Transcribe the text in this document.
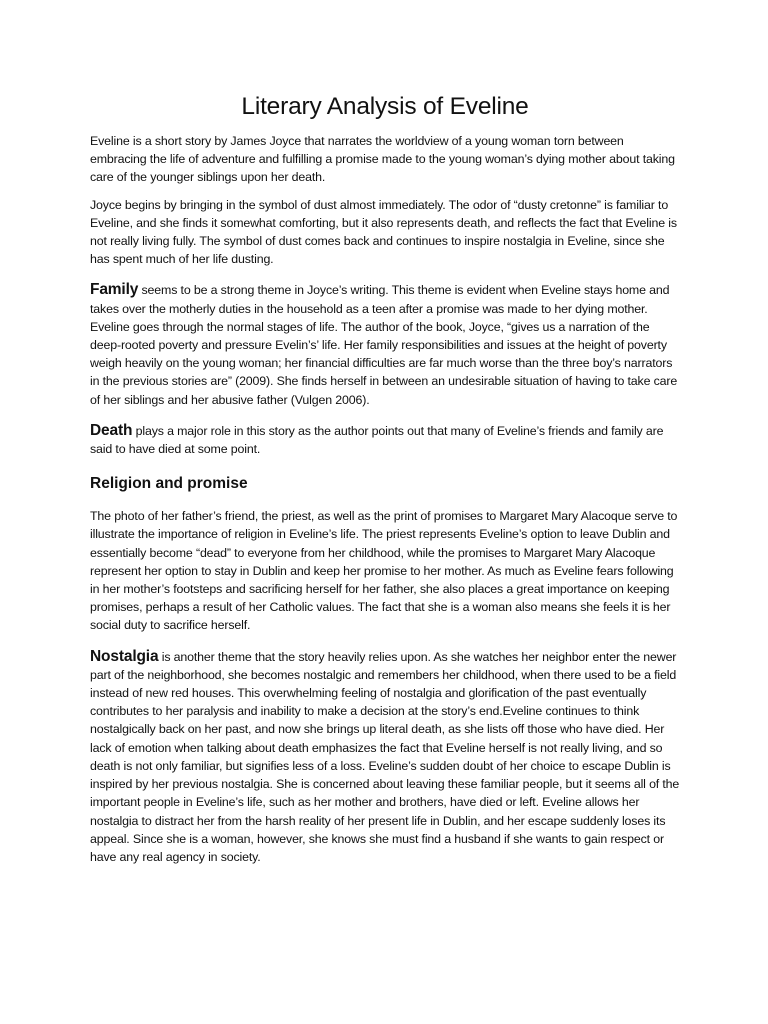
Literary Analysis of Eveline

Eveline is a short story by James Joyce that narrates the worldview of a young woman torn between embracing the life of adventure and fulfilling a promise made to the young woman’s dying mother about taking care of the younger siblings upon her death.

Joyce begins by bringing in the symbol of dust almost immediately. The odor of “dusty cretonne” is familiar to Eveline, and she finds it somewhat comforting, but it also represents death, and reflects the fact that Eveline is not really living fully. The symbol of dust comes back and continues to inspire nostalgia in Eveline, since she has spent much of her life dusting.

Family seems to be a strong theme in Joyce’s writing. This theme is evident when Eveline stays home and takes over the motherly duties in the household as a teen after a promise was made to her dying mother. Eveline goes through the normal stages of life. The author of the book, Joyce, “gives us a narration of the deep-rooted poverty and pressure Evelin’s’ life. Her family responsibilities and issues at the height of poverty weigh heavily on the young woman; her financial difficulties are far much worse than the three boy’s narrators in the previous stories are” (2009). She finds herself in between an undesirable situation of having to take care of her siblings and her abusive father (Vulgen 2006).

Death plays a major role in this story as the author points out that many of Eveline’s friends and family are said to have died at some point.

Religion and promise

The photo of her father’s friend, the priest, as well as the print of promises to Margaret Mary Alacoque serve to illustrate the importance of religion in Eveline’s life. The priest represents Eveline’s option to leave Dublin and essentially become “dead” to everyone from her childhood, while the promises to Margaret Mary Alacoque represent her option to stay in Dublin and keep her promise to her mother. As much as Eveline fears following in her mother’s footsteps and sacrificing herself for her father, she also places a great importance on keeping promises, perhaps a result of her Catholic values. The fact that she is a woman also means she feels it is her social duty to sacrifice herself.

Nostalgia is another theme that the story heavily relies upon. As she watches her neighbor enter the newer part of the neighborhood, she becomes nostalgic and remembers her childhood, when there used to be a field instead of new red houses. This overwhelming feeling of nostalgia and glorification of the past eventually contributes to her paralysis and inability to make a decision at the story’s end.Eveline continues to think nostalgically back on her past, and now she brings up literal death, as she lists off those who have died. Her lack of emotion when talking about death emphasizes the fact that Eveline herself is not really living, and so death is not only familiar, but signifies less of a loss. Eveline’s sudden doubt of her choice to escape Dublin is inspired by her previous nostalgia. She is concerned about leaving these familiar people, but it seems all of the important people in Eveline’s life, such as her mother and brothers, have died or left. Eveline allows her nostalgia to distract her from the harsh reality of her present life in Dublin, and her escape suddenly loses its appeal. Since she is a woman, however, she knows she must find a husband if she wants to gain respect or have any real agency in society.
